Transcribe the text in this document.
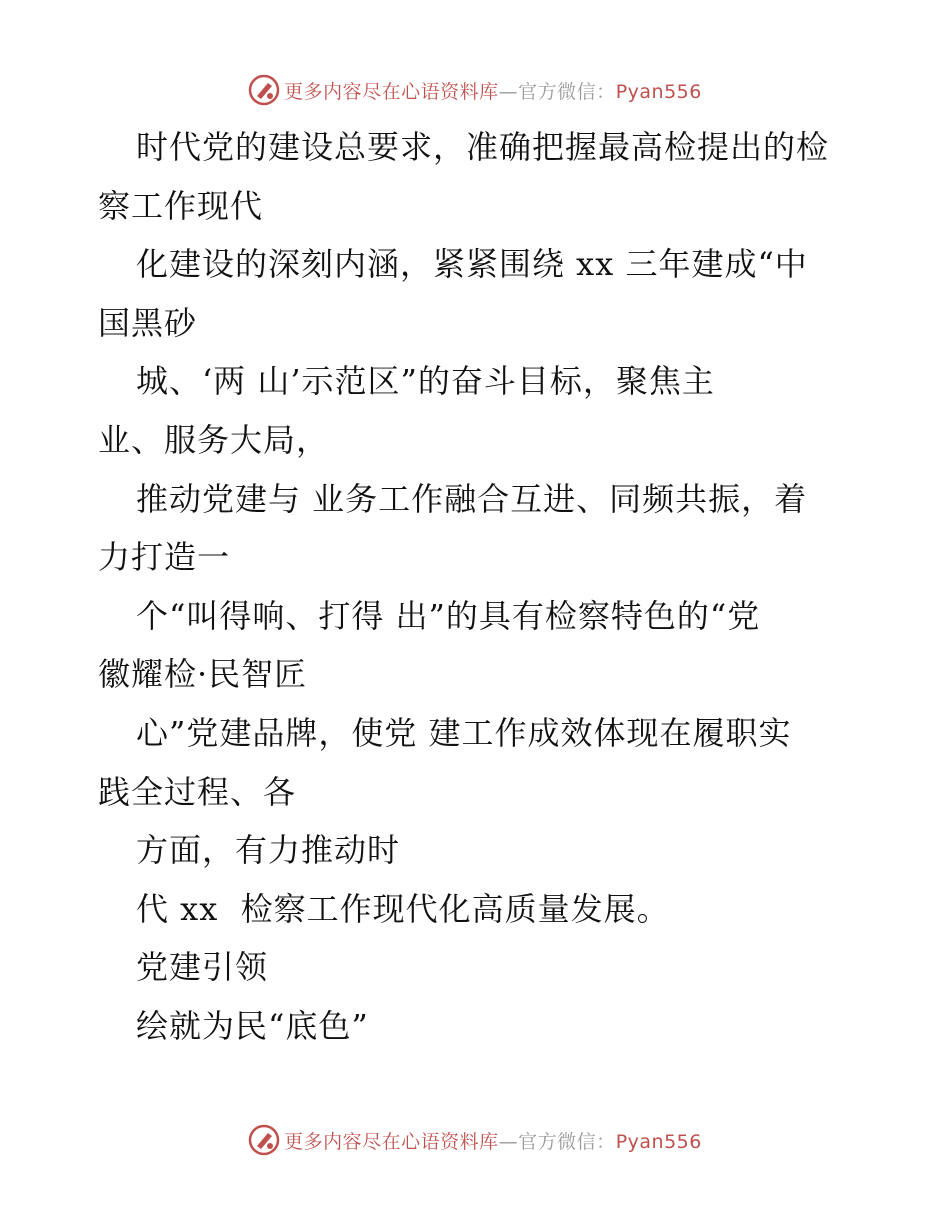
更多内容尽在心语资料库—官方微信：Pyan556
时代党的建设总要求，准确把握最高检提出的检
察工作现代
化建设的深刻内涵，紧紧围绕 xx 三年建成“中
国黑砂
城、‘两 山’示范区”的奋斗目标，聚焦主
业、服务大局，
推动党建与 业务工作融合互进、同频共振，着
力打造一
个“叫得响、打得 出”的具有检察特色的“党
徽耀检·民智匠
心”党建品牌，使党 建工作成效体现在履职实
践全过程、各
方面，有力推动时
代 xx  检察工作现代化高质量发展。
党建引领
绘就为民“底色”
更多内容尽在心语资料库—官方微信：Pyan556
